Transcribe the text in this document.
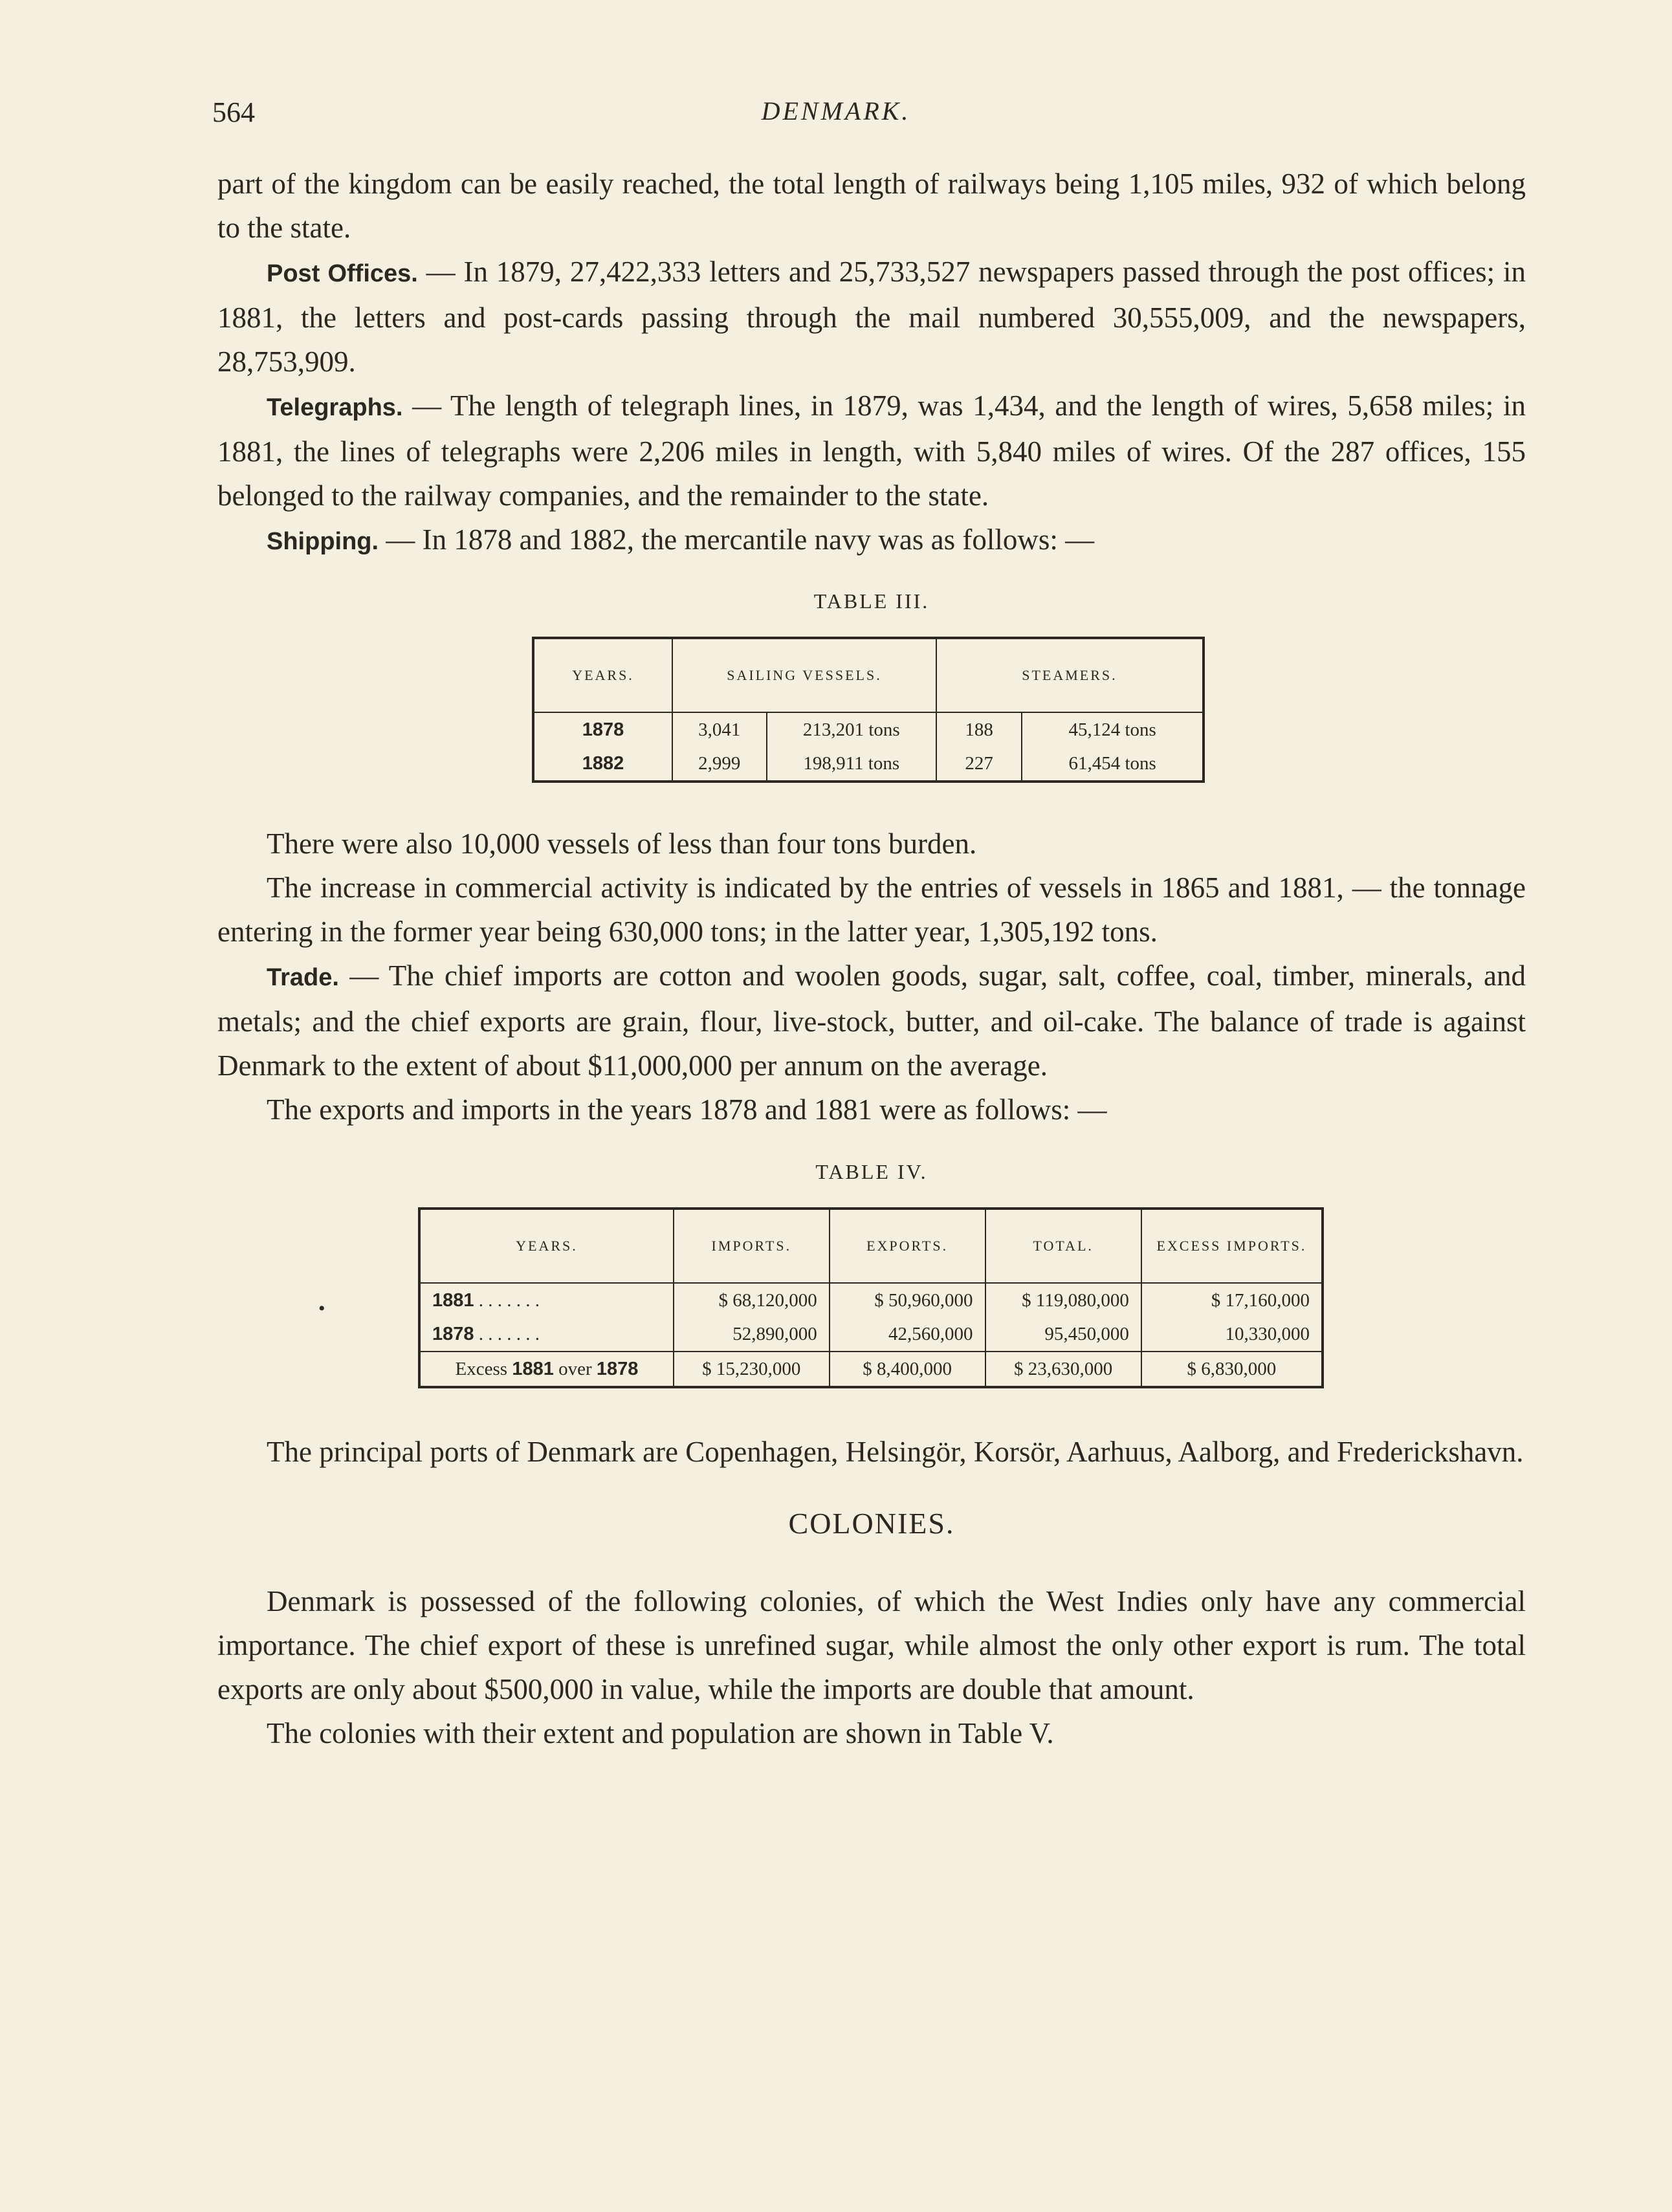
564	DENMARK.
•

part of the kingdom can be easily reached, the total length of railways being 1,105 miles, 932 of which belong to the state.

Post Offices. — In 1879, 27,422,333 letters and 25,733,527 newspapers passed through the post offices; in 1881, the letters and post-cards passing through the mail numbered 30,555,009, and the newspapers, 28,753,909.

Telegraphs. — The length of telegraph lines, in 1879, was 1,434, and the length of wires, 5,658 miles; in 1881, the lines of telegraphs were 2,206 miles in length, with 5,840 miles of wires. Of the 287 offices, 155 belonged to the railway companies, and the remainder to the state.

Shipping. — In 1878 and 1882, the mercantile navy was as follows: —

TABLE III.

YEARS.	SAILING VESSELS.		STEAMERS.	
1878	3,041	213,201 tons	188	45,124 tons
1882	2,999	198,911 tons	227	61,454 tons

There were also 10,000 vessels of less than four tons burden.

The increase in commercial activity is indicated by the entries of vessels in 1865 and 1881, — the tonnage entering in the former year being 630,000 tons; in the latter year, 1,305,192 tons.

Trade. — The chief imports are cotton and woolen goods, sugar, salt, coffee, coal, timber, minerals, and metals; and the chief exports are grain, flour, live-stock, butter, and oil-cake. The balance of trade is against Denmark to the extent of about $11,000,000 per annum on the average.

The exports and imports in the years 1878 and 1881 were as follows: —

TABLE IV.

YEARS.	IMPORTS.	EXPORTS.	TOTAL.	EXCESS IMPORTS.
1881 . . . . . . .	$ 68,120,000	$ 50,960,000	$ 119,080,000	$ 17,160,000
1878 . . . . . . .	52,890,000	42,560,000	95,450,000	10,330,000
Excess 1881 over 1878	$ 15,230,000	$ 8,400,000	$ 23,630,000	$ 6,830,000

The principal ports of Denmark are Copenhagen, Helsingör, Korsör, Aarhuus, Aalborg, and Frederickshavn.

COLONIES.

Denmark is possessed of the following colonies, of which the West Indies only have any commercial importance. The chief export of these is unrefined sugar, while almost the only other export is rum. The total exports are only about $500,000 in value, while the imports are double that amount.

The colonies with their extent and population are shown in Table V.
